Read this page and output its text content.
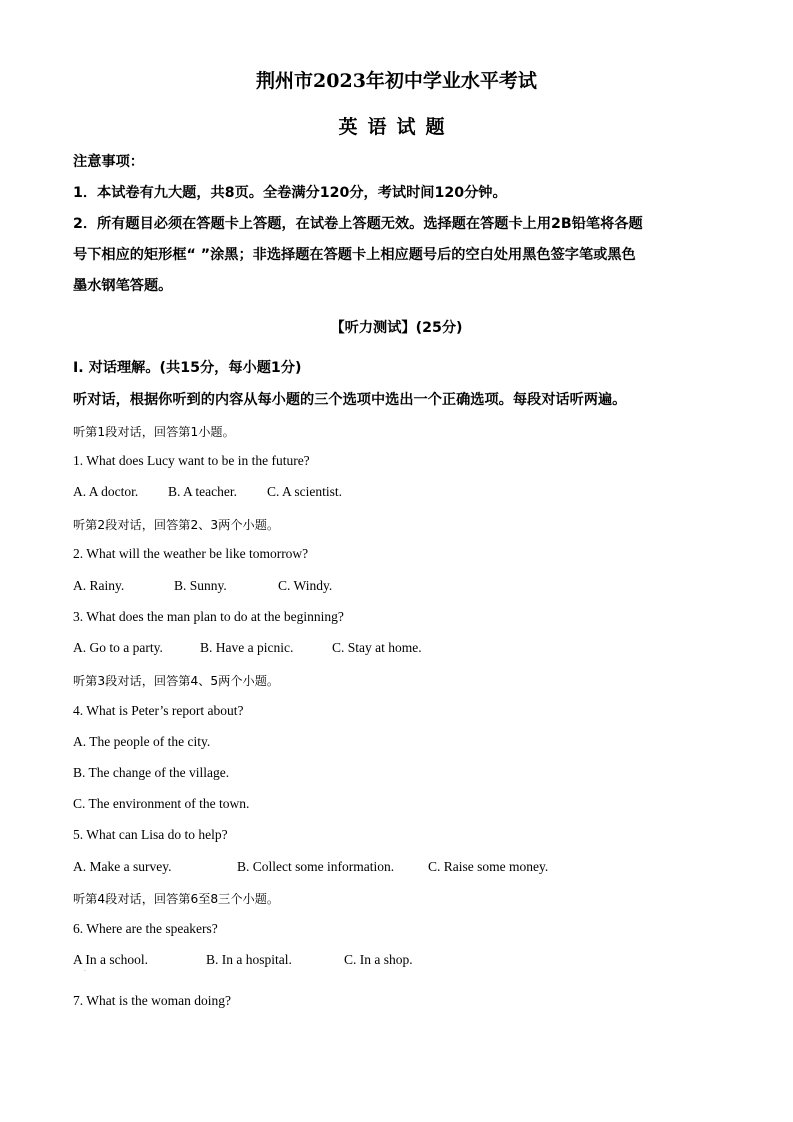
荆州市2023年初中学业水平考试
英语试题
注意事项：
1．本试卷有九大题，共8页。全卷满分120分，考试时间120分钟。
2．所有题目必须在答题卡上答题，在试卷上答题无效。选择题在答题卡上用2B铅笔将各题
号下相应的矩形框“ ”涂黑；非选择题在答题卡上相应题号后的空白处用黑色签字笔或黑色
墨水钢笔答题。
【听力测试】(25分)
Ⅰ. 对话理解。(共15分，每小题1分)
听对话，根据你听到的内容从每小题的三个选项中选出一个正确选项。每段对话听两遍。
听第1段对话，回答第1小题。
1. What does Lucy want to be in the future?
A. A doctor. B. A teacher. C. A scientist.
听第2段对话，回答第2、3两个小题。
2. What will the weather be like tomorrow?
A. Rainy.	B. Sunny.	C. Windy.
3. What does the man plan to do at the beginning?
A. Go to a party.	B. Have a picnic.	C. Stay at home.
听第3段对话，回答第4、5两个小题。
4. What is Peter’s report about?
A. The people of the city.
B. The change of the village.
C. The environment of the town.
5. What can Lisa do to help?
A. Make a survey.	B. Collect some information.	C. Raise some money.
听第4段对话，回答第6至8三个小题。
6. Where are the speakers?
A In a school.	B. In a hospital.	C. In a shop.
·
7. What is the woman doing?
